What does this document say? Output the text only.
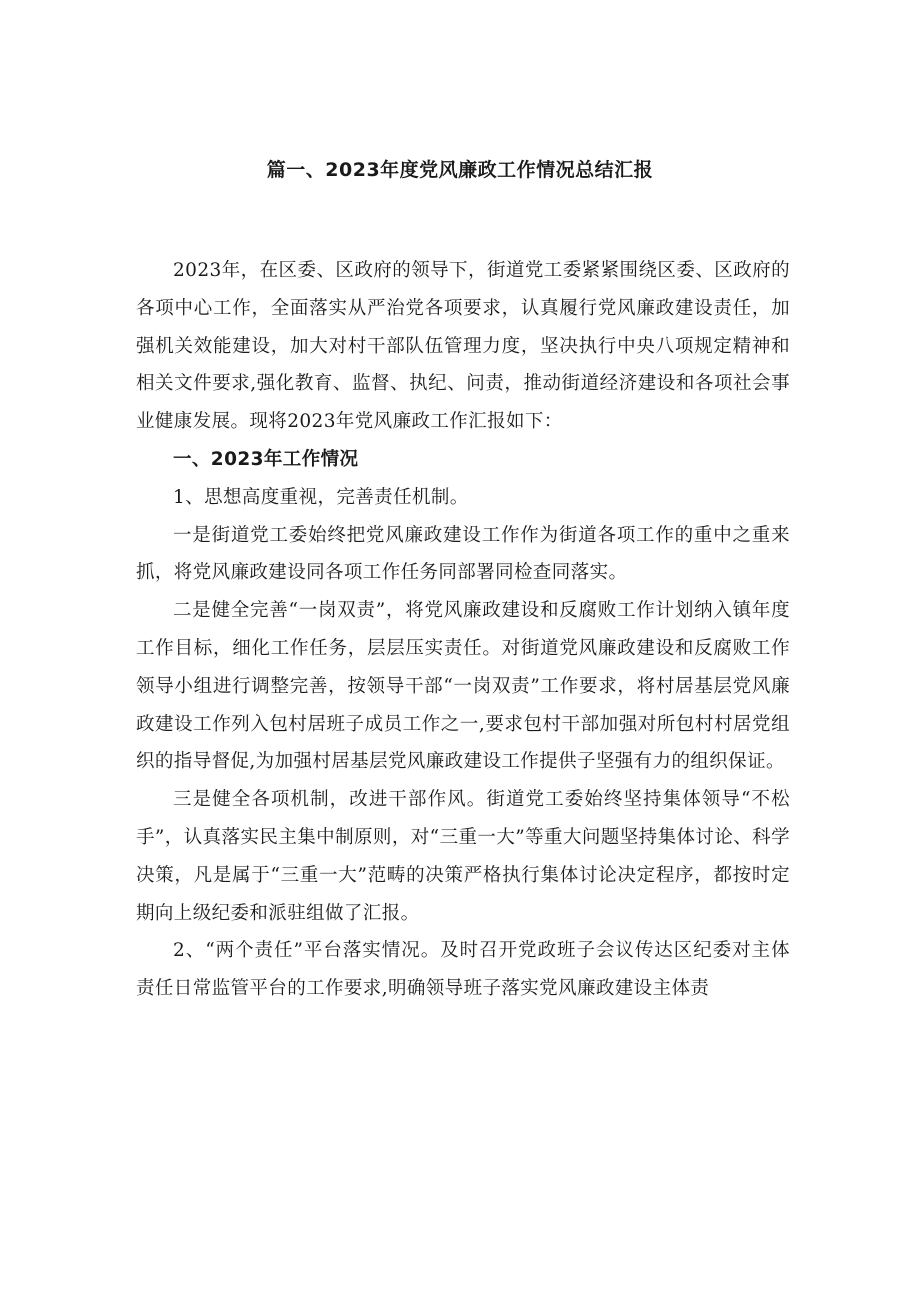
篇一、2023年度党风廉政工作情况总结汇报

2023年，在区委、区政府的领导下，街道党工委紧紧围绕区委、区政府的各项中心工作，全面落实从严治党各项要求，认真履行党风廉政建设责任，加强机关效能建设，加大对村干部队伍管理力度，坚决执行中央八项规定精神和相关文件要求,强化教育、监督、执纪、问责，推动街道经济建设和各项社会事业健康发展。现将2023年党风廉政工作汇报如下：

一、2023年工作情况

1、思想高度重视，完善责任机制。

一是街道党工委始终把党风廉政建设工作作为街道各项工作的重中之重来抓，将党风廉政建设同各项工作任务同部署同检查同落实。

二是健全完善“一岗双责”，将党风廉政建设和反腐败工作计划纳入镇年度工作目标，细化工作任务，层层压实责任。对街道党风廉政建设和反腐败工作领导小组进行调整完善，按领导干部“一岗双责”工作要求，将村居基层党风廉政建设工作列入包村居班子成员工作之一,要求包村干部加强对所包村村居党组织的指导督促,为加强村居基层党风廉政建设工作提供子坚强有力的组织保证。

三是健全各项机制，改进干部作风。街道党工委始终坚持集体领导“不松手”，认真落实民主集中制原则，对“三重一大”等重大问题坚持集体讨论、科学决策，凡是属于“三重一大”范畴的决策严格执行集体讨论决定程序，都按时定期向上级纪委和派驻组做了汇报。

2、“两个责任”平台落实情况。及时召开党政班子会议传达区纪委对主体责任日常监管平台的工作要求,明确领导班子落实党风廉政建设主体责
